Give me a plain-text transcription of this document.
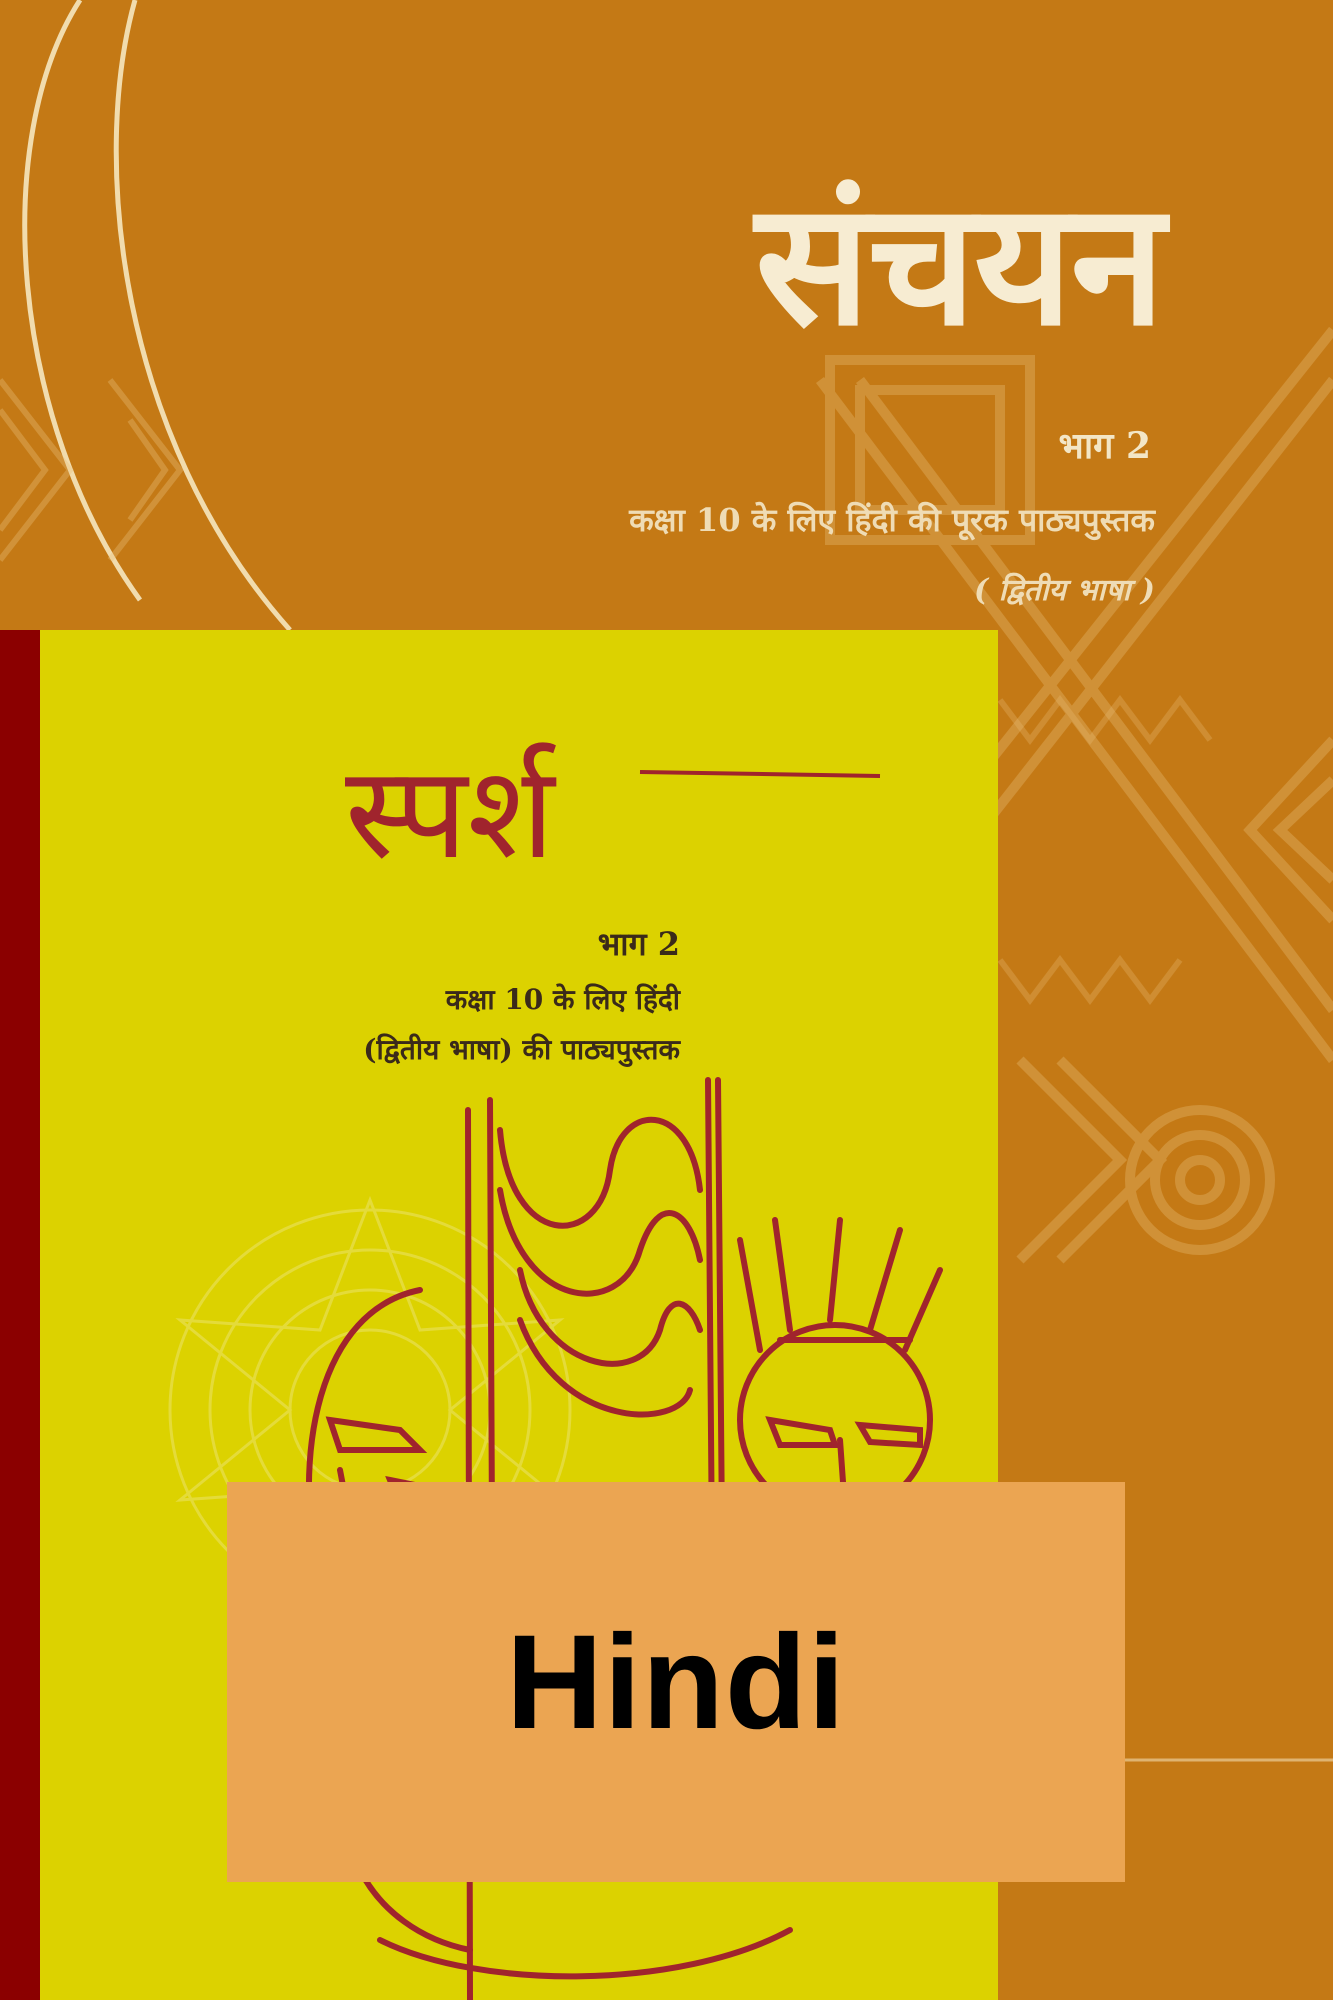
संचयन
भाग 2
कक्षा 10 के लिए हिंदी की पूरक पाठ्यपुस्तक
( द्वितीय भाषा )
स्पर्श
भाग 2
कक्षा 10 के लिए हिंदी
(द्वितीय भाषा) की पाठ्यपुस्तक
Hindi
